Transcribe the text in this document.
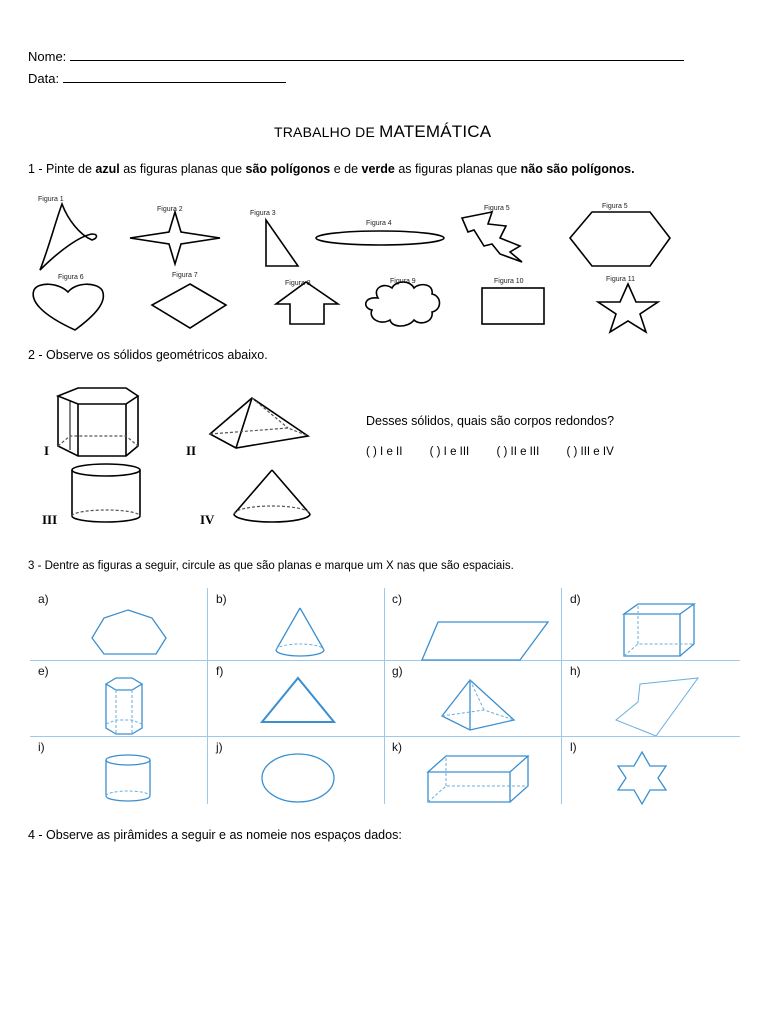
Nome:
Data:
TRABALHO DE MATEMÁTICA
1 - Pinte de azul as figuras planas que são polígonos e de verde as figuras planas que não são polígonos.
Figura 1
Figura 2
Figura 3
Figura 4
Figura 5	Figura 5
Figura 6	Figura 7
Figura 8	Figura 9	Figura 10	Figura 11
2 - Observe os sólidos geométricos abaixo.
I	II
III	IV
Desses sólidos, quais são corpos redondos?
( ) I e II ( ) I e III ( ) II e III ( ) III e IV
3 - Dentre as figuras a seguir, circule as que são planas e marque um X nas que são espaciais.
a)	b)	c)	d)
e)	f)	g)	h)
i)	j)	k)	l)
4 - Observe as pirâmides a seguir e as nomeie nos espaços dados:
